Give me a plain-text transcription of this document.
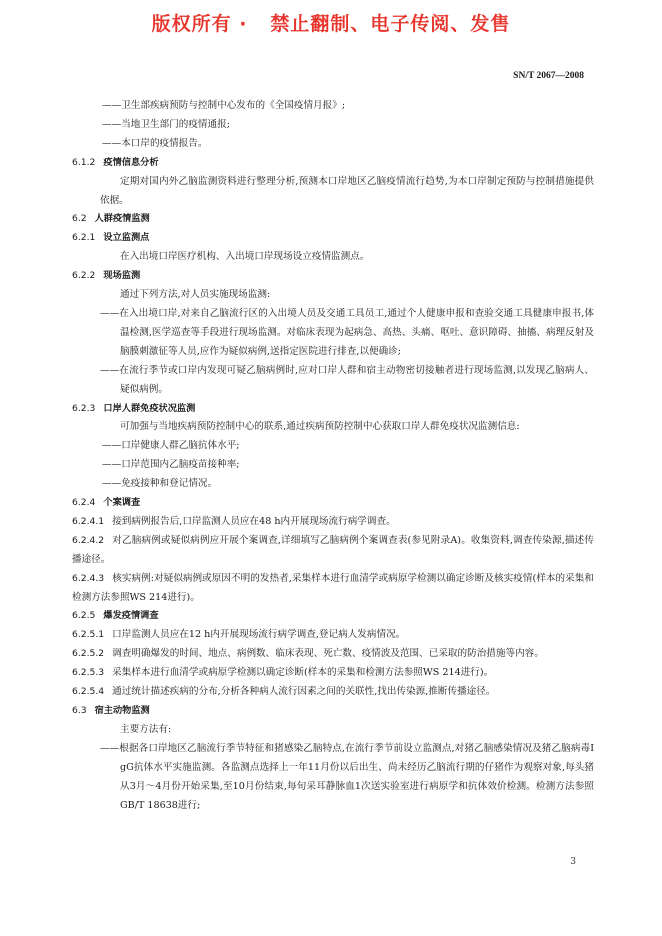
版权所有 ·   禁止翻制、电子传阅、发售
SN/T 2067—2008

——卫生部疾病预防与控制中心发布的《全国疫情月报》;

——当地卫生部门的疫情通报;

——本口岸的疫情报告。

6.1.2 疫情信息分析

定期对国内外乙脑监测资料进行整理分析,预测本口岸地区乙脑疫情流行趋势,为本口岸制定预防与控制措施提供依据。

6.2 人群疫情监测

6.2.1 设立监测点

在入出境口岸医疗机构、入出境口岸现场设立疫情监测点。

6.2.2 现场监测

通过下列方法,对人员实施现场监测:

——在入出境口岸,对来自乙脑流行区的入出境人员及交通工具员工,通过个人健康申报和查验交通工具健康申报书,体温检测,医学巡查等手段进行现场监测。对临床表现为起病急、高热、头痛、呕吐、意识障碍、抽搐、病理反射及脑膜刺激征等人员,应作为疑似病例,送指定医院进行排查,以便确诊;

——在流行季节或口岸内发现可疑乙脑病例时,应对口岸人群和宿主动物密切接触者进行现场监测,以发现乙脑病人、疑似病例。

6.2.3 口岸人群免疫状况监测

可加强与当地疾病预防控制中心的联系,通过疾病预防控制中心获取口岸人群免疫状况监测信息:

——口岸健康人群乙脑抗体水平;

——口岸范围内乙脑疫苗接种率;

——免疫接种和登记情况。

6.2.4 个案调查

6.2.4.1 接到病例报告后,口岸监测人员应在48 h内开展现场流行病学调查。

6.2.4.2 对乙脑病例或疑似病例应开展个案调查,详细填写乙脑病例个案调查表(参见附录A)。收集资料,调查传染源,描述传播途径。

6.2.4.3 核实病例:对疑似病例或原因不明的发热者,采集样本进行血清学或病原学检测以确定诊断及核实疫情(样本的采集和检测方法参照WS 214进行)。

6.2.5 爆发疫情调查

6.2.5.1 口岸监测人员应在12 h内开展现场流行病学调查,登记病人发病情况。

6.2.5.2 调查明确爆发的时间、地点、病例数、临床表现、死亡数、疫情波及范围、已采取的防治措施等内容。

6.2.5.3 采集样本进行血清学或病原学检测以确定诊断(样本的采集和检测方法参照WS 214进行)。

6.2.5.4 通过统计描述疾病的分布,分析各种病人流行因素之间的关联性,找出传染源,推断传播途径。

6.3 宿主动物监测

主要方法有:

——根据各口岸地区乙脑流行季节特征和猪感染乙脑特点,在流行季节前设立监测点,对猪乙脑感染情况及猪乙脑病毒IgG抗体水平实施监测。各监测点选择上一年11月份以后出生、尚未经历乙脑流行期的仔猪作为观察对象,每头猪从3月～4月份开始采集,至10月份结束,每旬采耳静脉血1次送实验室进行病原学和抗体效价检测。检测方法参照GB/T 18638进行;

3
